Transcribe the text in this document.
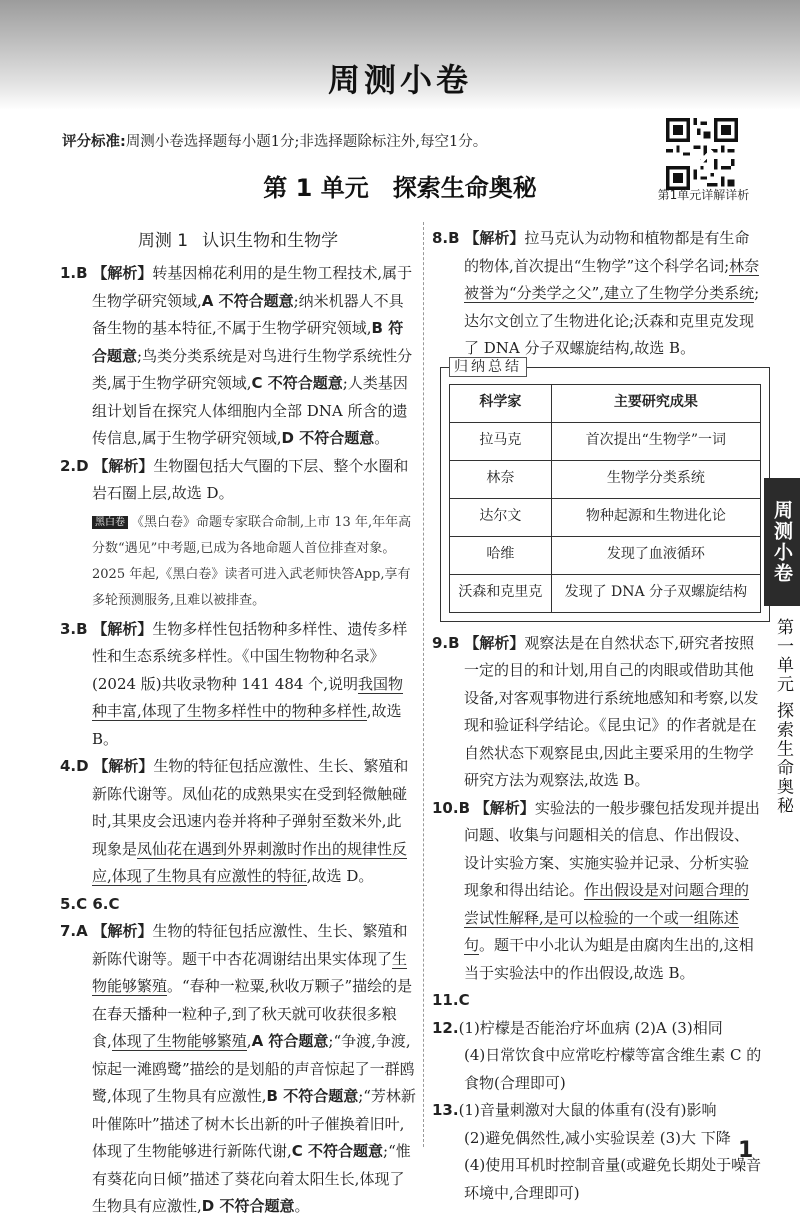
周测小卷
评分标准:周测小卷选择题每小题1分;非选择题除标注外,每空1分。
第1单元详解详析
第 1 单元 探索生命奥秘
周测 1 认识生物和生物学

1.B 【解析】转基因棉花利用的是生物工程技术,属于生物学研究领域,A 不符合题意;纳米机器人不具备生物的基本特征,不属于生物学研究领域,B 符合题意;鸟类分类系统是对鸟进行生物学系统性分类,属于生物学研究领域,C 不符合题意;人类基因组计划旨在探究人体细胞内全部 DNA 所含的遗传信息,属于生物学研究领域,D 不符合题意。

2.D 【解析】生物圈包括大气圈的下层、整个水圈和岩石圈上层,故选 D。

黑白卷 《黑白卷》命题专家联合命制,上市 13 年,年年高分数“遇见”中考题,已成为各地命题人首位排查对象。2025 年起,《黑白卷》读者可进入武老师快答App,享有多轮预测服务,且难以被排查。

3.B 【解析】生物多样性包括物种多样性、遗传多样性和生态系统多样性。《中国生物物种名录》(2024 版)共收录物种 141 484 个,说明我国物种丰富,体现了生物多样性中的物种多样性,故选 B。

4.D 【解析】生物的特征包括应激性、生长、繁殖和新陈代谢等。凤仙花的成熟果实在受到轻微触碰时,其果皮会迅速内卷并将种子弹射至数米外,此现象是凤仙花在遇到外界刺激时作出的规律性反应,体现了生物具有应激性的特征,故选 D。

5.C 6.C

7.A 【解析】生物的特征包括应激性、生长、繁殖和新陈代谢等。题干中杏花凋谢结出果实体现了生物能够繁殖。“春种一粒粟,秋收万颗子”描绘的是在春天播种一粒种子,到了秋天就可收获很多粮食,体现了生物能够繁殖,A 符合题意;“争渡,争渡,惊起一滩鸥鹭”描绘的是划船的声音惊起了一群鸥鹭,体现了生物具有应激性,B 不符合题意;“芳林新叶催陈叶”描述了树木长出新的叶子催换着旧叶,体现了生物能够进行新陈代谢,C 不符合题意;“惟有葵花向日倾”描述了葵花向着太阳生长,体现了生物具有应激性,D 不符合题意。

8.B 【解析】拉马克认为动物和植物都是有生命的物体,首次提出“生物学”这个科学名词;林奈被誉为“分类学之父”,建立了生物学分类系统;达尔文创立了生物进化论;沃森和克里克发现了 DNA 分子双螺旋结构,故选 B。

归纳总结
科学家	主要研究成果
拉马克	首次提出“生物学”一词
林奈	生物学分类系统
达尔文	物种起源和生物进化论
哈维	发现了血液循环
沃森和克里克	发现了 DNA 分子双螺旋结构

9.B 【解析】观察法是在自然状态下,研究者按照一定的目的和计划,用自己的肉眼或借助其他设备,对客观事物进行系统地感知和考察,以发现和验证科学结论。《昆虫记》的作者就是在自然状态下观察昆虫,因此主要采用的生物学研究方法为观察法,故选 B。

10.B 【解析】实验法的一般步骤包括发现并提出问题、收集与问题相关的信息、作出假设、设计实验方案、实施实验并记录、分析实验现象和得出结论。作出假设是对问题合理的尝试性解释,是可以检验的一个或一组陈述句。题干中小北认为蛆是由腐肉生出的,这相当于实验法中的作出假设,故选 B。

11.C

12.(1)柠檬是否能治疗坏血病 (2)A (3)相同

(4)日常饮食中应常吃柠檬等富含维生素 C 的食物(合理即可)

13.(1)音量刺激对大鼠的体重有(没有)影响

(2)避免偶然性,减小实验误差 (3)大 下降

(4)使用耳机时控制音量(或避免长期处于噪音环境中,合理即可)

周测小卷
第一单元 探索生命奥秘
1
